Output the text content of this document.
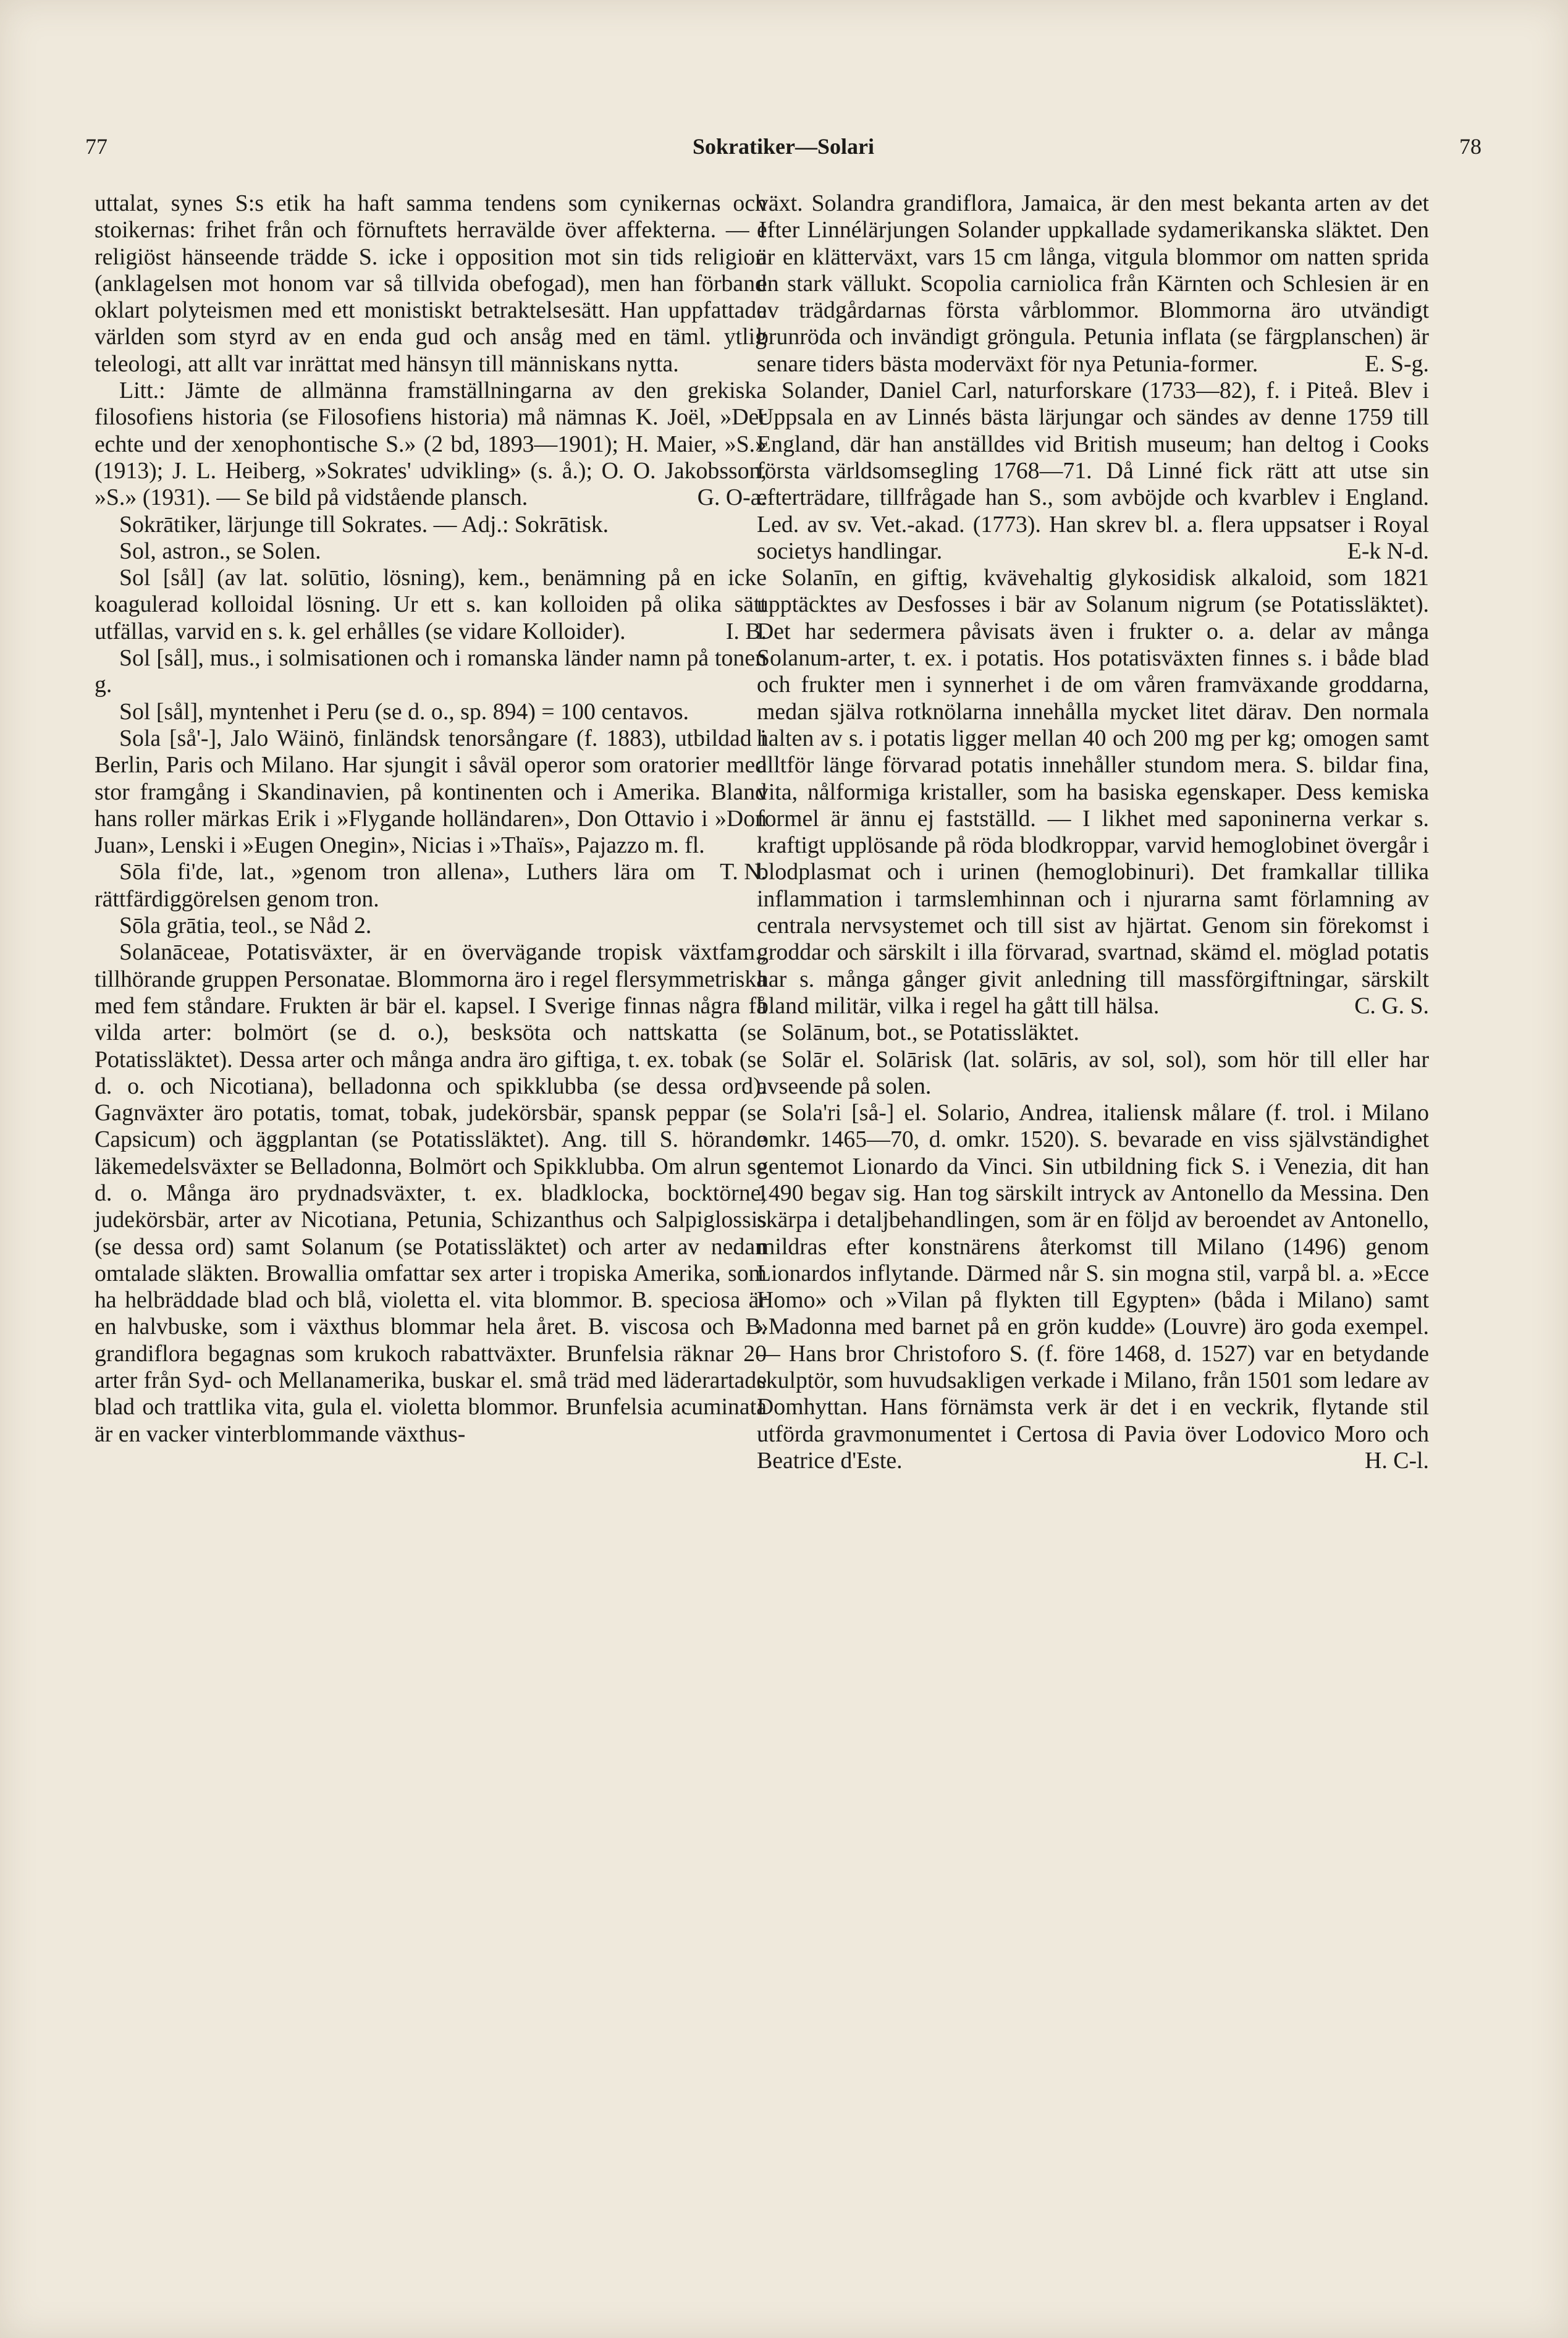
77	Sokratiker—Solari	78

uttalat, synes S:s etik ha haft samma tendens som cynikernas och stoikernas: frihet från och förnuftets herravälde över affekterna. — I religiöst hänseende trädde S. icke i opposition mot sin tids religion (anklagelsen mot honom var så tillvida obefogad), men han förband oklart polyteismen med ett monistiskt betraktelsesätt. Han uppfattade världen som styrd av en enda gud och ansåg med en täml. ytlig teleologi, att allt var inrättat med hänsyn till människans nytta.

Litt.: Jämte de allmänna framställningarna av den grekiska filosofiens historia (se Filosofiens historia) må nämnas K. Joël, »Der echte und der xenophontische S.» (2 bd, 1893—1901); H. Maier, »S.» (1913); J. L. Heiberg, »Sokrates' udvikling» (s. å.); O. O. Jakobsson, »S.» (1931). — Se bild på vidstående plansch.	G. O-a.

Sokrātiker, lärjunge till Sokrates. — Adj.: Sokrātisk.

Sol, astron., se Solen.

Sol [sål] (av lat. solūtio, lösning), kem., benämning på en icke koagulerad kolloidal lösning. Ur ett s. kan kolloiden på olika sätt utfällas, varvid en s. k. gel erhålles (se vidare Kolloider).	I. B.

Sol [sål], mus., i solmisationen och i romanska länder namn på tonen g.

Sol [sål], myntenhet i Peru (se d. o., sp. 894) = 100 centavos.

Sola [så'-], Jalo Wäinö, finländsk tenorsångare (f. 1883), utbildad i Berlin, Paris och Milano. Har sjungit i såväl operor som oratorier med stor framgång i Skandinavien, på kontinenten och i Amerika. Bland hans roller märkas Erik i »Flygande holländaren», Don Ottavio i »Don Juan», Lenski i »Eugen Onegin», Nicias i »Thaïs», Pajazzo m. fl.
T. N.

Sōla fi'de, lat., »genom tron allena», Luthers lära om rättfärdiggörelsen genom tron.

Sōla grātia, teol., se Nåd 2.

Solanāceae, Potatisväxter, är en övervägande tropisk växtfam., tillhörande gruppen Personatae. Blommorna äro i regel flersymmetriska med fem ståndare. Frukten är bär el. kapsel. I Sverige finnas några få vilda arter: bolmört (se d. o.), besksöta och nattskatta (se Potatissläktet). Dessa arter och många andra äro giftiga, t. ex. tobak (se d. o. och Nicotiana), belladonna och spikklubba (se dessa ord). Gagnväxter äro potatis, tomat, tobak, judekörsbär, spansk peppar (se Capsicum) och äggplantan (se Potatissläktet). Ang. till S. hörande läkemedelsväxter se Belladonna, Bolmört och Spikklubba. Om alrun se d. o. Många äro prydnadsväxter, t. ex. bladklocka, bocktörne, judekörsbär, arter av Nicotiana, Petunia, Schizanthus och Salpiglossis (se dessa ord) samt Solanum (se Potatissläktet) och arter av nedan omtalade släkten. Browallia omfattar sex arter i tropiska Amerika, som ha helbräddade blad och blå, violetta el. vita blommor. B. speciosa är en halvbuske, som i växthus blommar hela året. B. viscosa och B. grandiflora begagnas som krukoch rabattväxter. Brunfelsia räknar 20 arter från Syd- och Mellanamerika, buskar el. små träd med läderartade blad och trattlika vita, gula el. violetta blommor. Brunfelsia acuminata är en vacker vinterblommande växthus-

växt. Solandra grandiflora, Jamaica, är den mest bekanta arten av det efter Linnélärjungen Solander uppkallade sydamerikanska släktet. Den är en klätterväxt, vars 15 cm långa, vitgula blommor om natten sprida en stark vällukt. Scopolia carniolica från Kärnten och Schlesien är en av trädgårdarnas första vårblommor. Blommorna äro utvändigt brunröda och invändigt gröngula. Petunia inflata (se färgplanschen) är senare tiders bästa moderväxt för nya Petunia-former.	E. S-g.

Solander, Daniel Carl, naturforskare (1733—82), f. i Piteå. Blev i Uppsala en av Linnés bästa lärjungar och sändes av denne 1759 till England, där han anställdes vid British museum; han deltog i Cooks första världsomsegling 1768—71. Då Linné fick rätt att utse sin efterträdare, tillfrågade han S., som avböjde och kvarblev i England. Led. av sv. Vet.-akad. (1773). Han skrev bl. a. flera uppsatser i Royal societys handlingar.	E-k N-d.

Solanīn, en giftig, kvävehaltig glykosidisk alkaloid, som 1821 upptäcktes av Desfosses i bär av Solanum nigrum (se Potatissläktet). Det har sedermera påvisats även i frukter o. a. delar av många Solanum-arter, t. ex. i potatis. Hos potatisväxten finnes s. i både blad och frukter men i synnerhet i de om våren framväxande groddarna, medan själva rotknölarna innehålla mycket litet därav. Den normala halten av s. i potatis ligger mellan 40 och 200 mg per kg; omogen samt alltför länge förvarad potatis innehåller stundom mera. S. bildar fina, vita, nålformiga kristaller, som ha basiska egenskaper. Dess kemiska formel är ännu ej fastställd. — I likhet med saponinerna verkar s. kraftigt upplösande på röda blodkroppar, varvid hemoglobinet övergår i blodplasmat och i urinen (hemoglobinuri). Det framkallar tillika inflammation i tarmslemhinnan och i njurarna samt förlamning av centrala nervsystemet och till sist av hjärtat. Genom sin förekomst i groddar och särskilt i illa förvarad, svartnad, skämd el. möglad potatis har s. många gånger givit anledning till massförgiftningar, särskilt bland militär, vilka i regel ha gått till hälsa.	C. G. S.

Solānum, bot., se Potatissläktet.

Solār el. Solārisk (lat. solāris, av sol, sol), som hör till eller har avseende på solen.

Sola'ri [så-] el. Solario, Andrea, italiensk målare (f. trol. i Milano omkr. 1465—70, d. omkr. 1520). S. bevarade en viss självständighet gentemot Lionardo da Vinci. Sin utbildning fick S. i Venezia, dit han 1490 begav sig. Han tog särskilt intryck av Antonello da Messina. Den skärpa i detaljbehandlingen, som är en följd av beroendet av Antonello, mildras efter konstnärens återkomst till Milano (1496) genom Lionardos inflytande. Därmed når S. sin mogna stil, varpå bl. a. »Ecce Homo» och »Vilan på flykten till Egypten» (båda i Milano) samt »Madonna med barnet på en grön kudde» (Louvre) äro goda exempel. — Hans bror Christoforo S. (f. före 1468, d. 1527) var en betydande skulptör, som huvudsakligen verkade i Milano, från 1501 som ledare av Domhyttan. Hans förnämsta verk är det i en veckrik, flytande stil utförda gravmonumentet i Certosa di Pavia över Lodovico Moro och Beatrice d'Este.	H. C-l.
